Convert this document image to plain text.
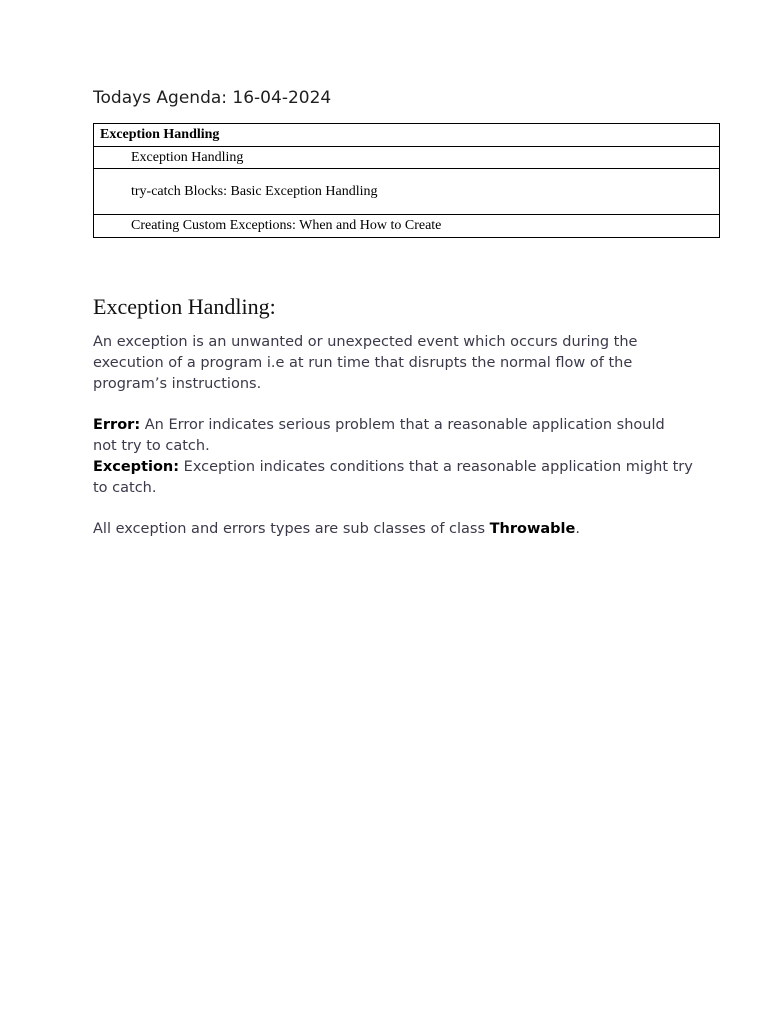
Todays Agenda: 16-04-2024
Exception Handling
Exception Handling
try-catch Blocks: Basic Exception Handling
Creating Custom Exceptions: When and How to Create
Exception Handling:

An exception is an unwanted or unexpected event which occurs during the execution of a program i.e at run time that disrupts the normal flow of the program’s instructions.

Error: An Error indicates serious problem that a reasonable application should not try to catch.

Exception: Exception indicates conditions that a reasonable application might try to catch.

All exception and errors types are sub classes of class Throwable.
